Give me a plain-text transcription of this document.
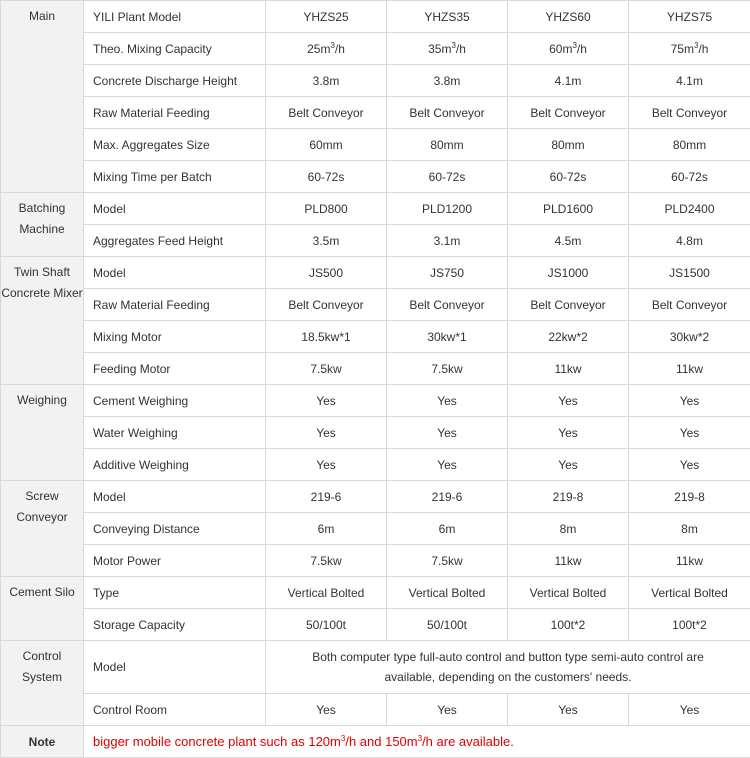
Main	YILI Plant Model	YHZS25	YHZS35	YHZS60	YHZS75
	Theo. Mixing Capacity	$25m^3/h$	$35m^3/h$	$60m^3/h$	$75m^3/h$
	Concrete Discharge Height	3.8m	3.8m	4.1m	4.1m
	Raw Material Feeding	Belt Conveyor	Belt Conveyor	Belt Conveyor	Belt Conveyor
	Max. Aggregates Size	60mm	80mm	80mm	80mm
	Mixing Time per Batch	60-72s	60-72s	60-72s	60-72s
Batching Machine	Model	PLD800	PLD1200	PLD1600	PLD2400
	Aggregates Feed Height	3.5m	3.1m	4.5m	4.8m
Twin Shaft Concrete Mixer	Model	JS500	JS750	JS1000	JS1500
	Raw Material Feeding	Belt Conveyor	Belt Conveyor	Belt Conveyor	Belt Conveyor
	Mixing Motor	18.5kw*1	30kw*1	22kw*2	30kw*2
	Feeding Motor	7.5kw	7.5kw	11kw	11kw
Weighing	Cement Weighing	Yes	Yes	Yes	Yes
	Water Weighing	Yes	Yes	Yes	Yes
	Additive Weighing	Yes	Yes	Yes	Yes
Screw Conveyor	Model	219-6	219-6	219-8	219-8
	Conveying Distance	6m	6m	8m	8m
	Motor Power	7.5kw	7.5kw	11kw	11kw
Cement Silo	Type	Vertical Bolted	Vertical Bolted	Vertical Bolted	Vertical Bolted
	Storage Capacity	50/100t	50/100t	100t*2	100t*2
Control System	Model	Both computer type full-auto control and button type semi-auto control are available, depending on the customers' needs.			
	Control Room	Yes	Yes	Yes	Yes
Note	bigger mobile concrete plant such as $120m^3/h$ and $150m^3/h$ are available.				
